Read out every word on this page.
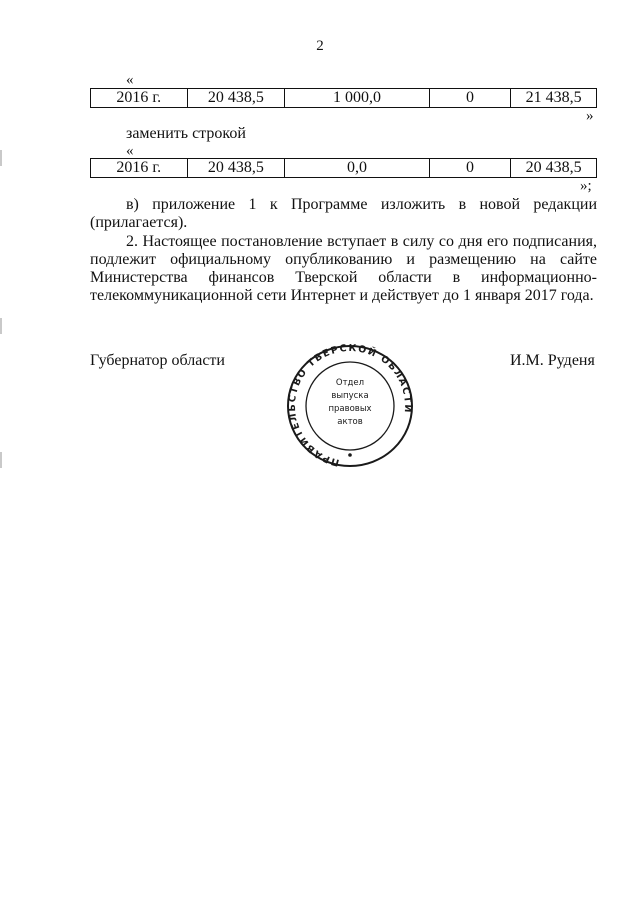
2
«
2016 г.	20 438,5	1 000,0	0	21 438,5
»
заменить строкой
«
2016 г.	20 438,5	0,0	0	20 438,5
»;
в) приложение 1 к Программе изложить в новой редакции
(прилагается).
2. Настоящее постановление вступает в силу со дня его подписания,
подлежит официальному опубликованию и размещению на сайте
Министерства финансов Тверской области в информационно-
телекоммуникационной сети Интернет и действует до 1 января 2017 года.
Губернатор области	И.М. Руденя
ПРАВИТЕЛЬСТВО ТВЕРСКОЙ ОБЛАСТИ
Отдел
выпуска
правовых
актов
